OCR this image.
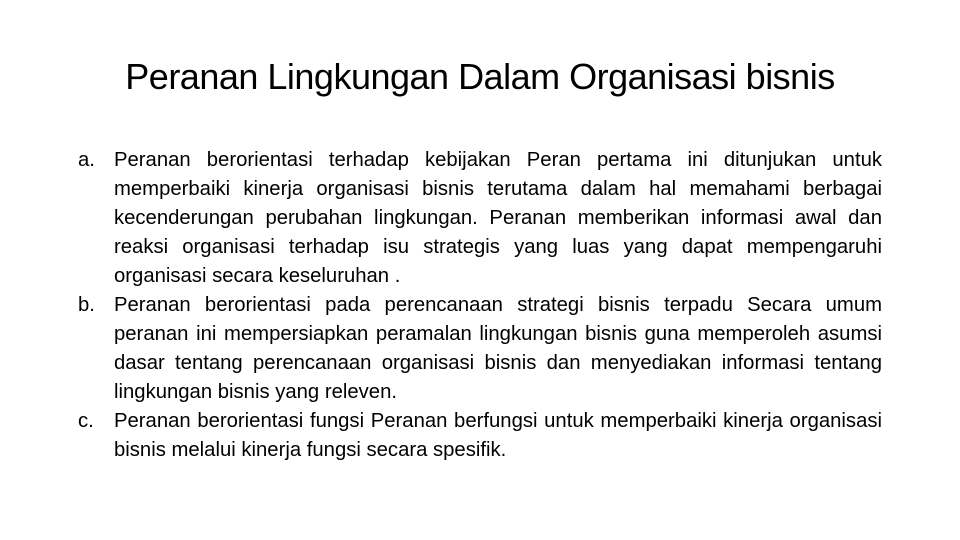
Peranan Lingkungan Dalam Organisasi bisnis
a. Peranan berorientasi terhadap kebijakan Peran pertama ini ditunjukan untuk memperbaiki kinerja organisasi bisnis terutama dalam hal memahami berbagai kecenderungan perubahan lingkungan. Peranan memberikan informasi awal dan reaksi organisasi terhadap isu strategis yang luas yang dapat mempengaruhi organisasi secara keseluruhan .
b. Peranan berorientasi pada perencanaan strategi bisnis terpadu Secara umum peranan ini mempersiapkan peramalan lingkungan bisnis guna memperoleh asumsi dasar tentang perencanaan organisasi bisnis dan menyediakan informasi tentang lingkungan bisnis yang releven.
c. Peranan berorientasi fungsi Peranan berfungsi untuk memperbaiki kinerja organisasi bisnis melalui kinerja fungsi secara spesifik.
